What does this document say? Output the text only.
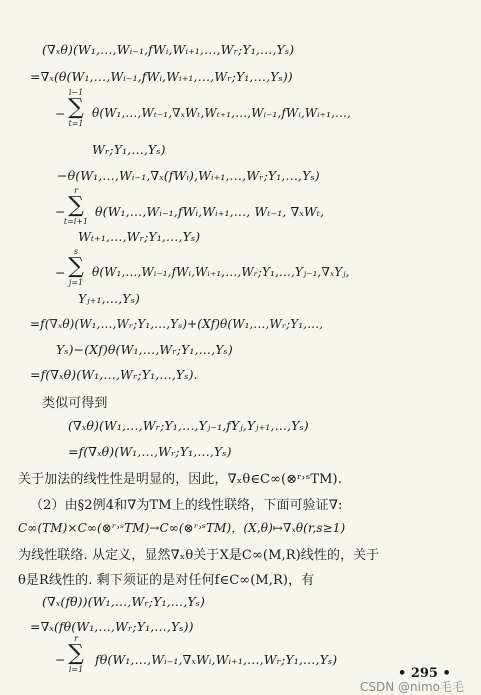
(∇ₓθ)(W₁,…,Wᵢ₋₁,fWᵢ,Wᵢ₊₁,…,Wᵣ;Y₁,…,Yₛ)
=∇ₓ(θ(W₁,…,Wᵢ₋₁,fWᵢ,Wᵢ₊₁,…,Wᵣ;Y₁,…,Yₛ))
−
i−1
∑
t=1
θ(W₁,…,Wₜ₋₁,∇ₓWₜ,Wₜ₊₁,…,Wᵢ₋₁,fWᵢ,Wᵢ₊₁,…,
Wᵣ;Y₁,…,Yₛ)
−θ(W₁,…,Wᵢ₋₁,∇ₓ(fWᵢ),Wᵢ₊₁,…,Wᵣ;Y₁,…,Yₛ)
−
r
∑
t=i+1
θ(W₁,…,Wᵢ₋₁,fWᵢ,Wᵢ₊₁,…, Wₜ₋₁, ∇ₓWₜ,
Wₜ₊₁,…,Wᵣ;Y₁,…,Yₛ)
−
s
∑
j=1
θ(W₁,…,Wᵢ₋₁,fWᵢ,Wᵢ₊₁,…,Wᵣ;Y₁,…,Yⱼ₋₁,∇ₓYⱼ,
Yⱼ₊₁,…,Yₛ)
=f(∇ₓθ)(W₁,…,Wᵣ;Y₁,…,Yₛ)+(Xf)θ(W₁,…,Wᵣ;Y₁,…,
Yₛ)−(Xf)θ(W₁,…,Wᵣ;Y₁,…,Yₛ)
=f(∇ₓθ)(W₁,…,Wᵣ;Y₁,…,Yₛ).
类似可得到
(∇ₓθ)(W₁,…,Wᵣ;Y₁,…,Yⱼ₋₁,fYⱼ,Yⱼ₊₁,…,Yₛ)
=f(∇ₓθ)(W₁,…,Wᵣ;Y₁,…,Yₛ)
关于加法的线性性是明显的，因此，∇ₓθ∈C∞(⊗ʳ˒ˢTM).
（2）由§2例4和∇为TM上的线性联络，下面可验证∇:
C∞(TM)×C∞(⊗ʳ˒ˢTM)→C∞(⊗ʳ˒ˢTM)，(X,θ)↦∇ₓθ(r,s≥1)
为线性联络. 从定义，显然∇ₓθ关于X是C∞(M,R)线性的，关于
θ是R线性的. 剩下须证的是对任何f∈C∞(M,R)，有
(∇ₓ(fθ))(W₁,…,Wᵣ;Y₁,…,Yₛ)
=∇ₓ(fθ(W₁,…,Wᵣ;Y₁,…,Yₛ))
−
r
∑
i=1
fθ(W₁,…,Wᵢ₋₁,∇ₓWᵢ,Wᵢ₊₁,…,Wᵣ;Y₁,…,Yₛ)
• 295 •
CSDN @nimo毛毛
